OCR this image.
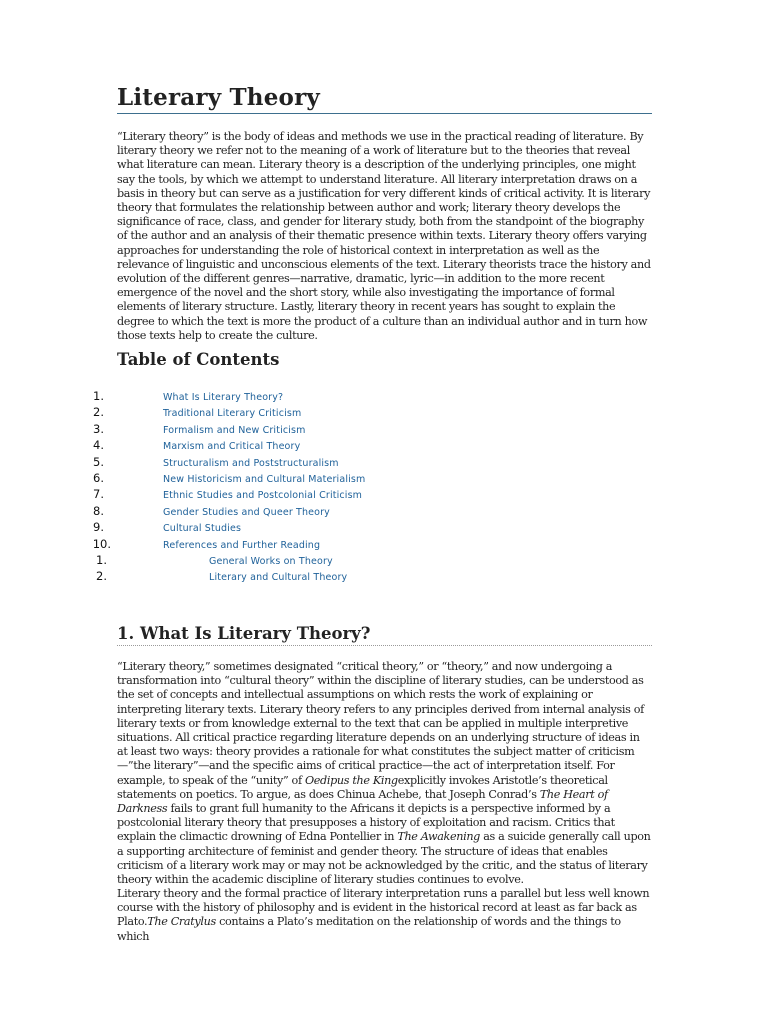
Literary Theory

“Literary theory” is the body of ideas and methods we use in the practical reading of literature. By literary theory we refer not to the meaning of a work of literature but to the theories that reveal what literature can mean. Literary theory is a description of the underlying principles, one might say the tools, by which we attempt to understand literature. All literary interpretation draws on a basis in theory but can serve as a justification for very different kinds of critical activity. It is literary theory that formulates the relationship between author and work; literary theory develops the significance of race, class, and gender for literary study, both from the standpoint of the biography of the author and an analysis of their thematic presence within texts. Literary theory offers varying approaches for understanding the role of historical context in interpretation as well as the relevance of linguistic and unconscious elements of the text. Literary theorists trace the history and evolution of the different genres—narrative, dramatic, lyric—in addition to the more recent emergence of the novel and the short story, while also investigating the importance of formal elements of literary structure. Lastly, literary theory in recent years has sought to explain the degree to which the text is more the product of a culture than an individual author and in turn how those texts help to create the culture.

Table of Contents
1.	What Is Literary Theory?
2.	Traditional Literary Criticism
3.	Formalism and New Criticism
4.	Marxism and Critical Theory
5.	Structuralism and Poststructuralism
6.	New Historicism and Cultural Materialism
7.	Ethnic Studies and Postcolonial Criticism
8.	Gender Studies and Queer Theory
9.	Cultural Studies
10.	References and Further Reading
1.	General Works on Theory
2.	Literary and Cultural Theory
1. What Is Literary Theory?

“Literary theory,” sometimes designated “critical theory,” or “theory,” and now undergoing a transformation into “cultural theory” within the discipline of literary studies, can be understood as the set of concepts and intellectual assumptions on which rests the work of explaining or interpreting literary texts. Literary theory refers to any principles derived from internal analysis of literary texts or from knowledge external to the text that can be applied in multiple interpretive situations. All critical practice regarding literature depends on an underlying structure of ideas in at least two ways: theory provides a rationale for what constitutes the subject matter of criticism—”the literary”—and the specific aims of critical practice—the act of interpretation itself. For example, to speak of the “unity” of Oedipus the Kingexplicitly invokes Aristotle’s theoretical statements on poetics. To argue, as does Chinua Achebe, that Joseph Conrad’s The Heart of Darkness fails to grant full humanity to the Africans it depicts is a perspective informed by a postcolonial literary theory that presupposes a history of exploitation and racism. Critics that explain the climactic drowning of Edna Pontellier in The Awakening as a suicide generally call upon a supporting architecture of feminist and gender theory. The structure of ideas that enables criticism of a literary work may or may not be acknowledged by the critic, and the status of literary theory within the academic discipline of literary studies continues to evolve.

Literary theory and the formal practice of literary interpretation runs a parallel but less well known course with the history of philosophy and is evident in the historical record at least as far back as Plato.The Cratylus contains a Plato’s meditation on the relationship of words and the things to which
